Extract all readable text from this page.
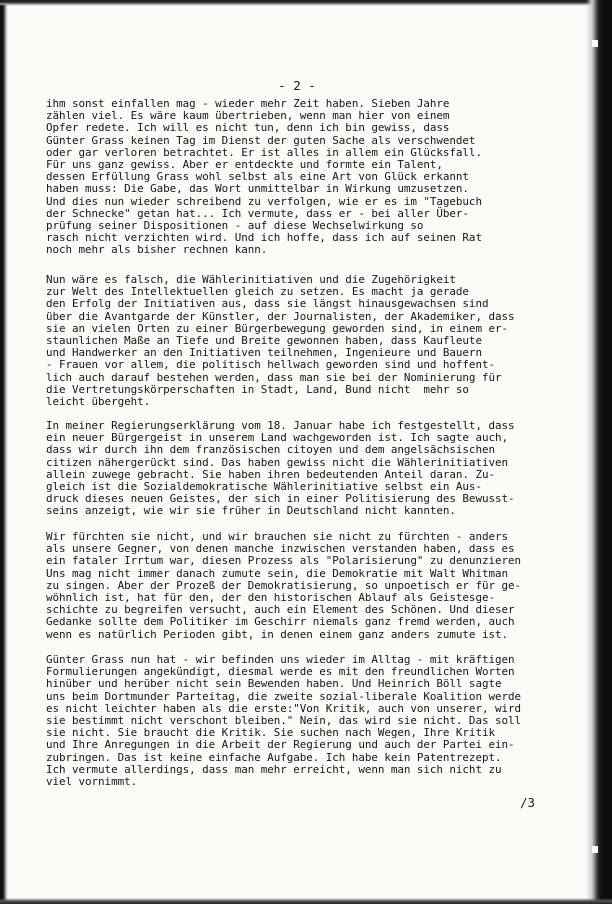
- 2 -

ihm sonst einfallen mag - wieder mehr Zeit haben. Sieben Jahre
zählen viel. Es wäre kaum übertrieben, wenn man hier von einem
Opfer redete. Ich will es nicht tun, denn ich bin gewiss, dass
Günter Grass keinen Tag im Dienst der guten Sache als verschwendet
oder gar verloren betrachtet. Er ist alles in allem ein Glücksfall.
Für uns ganz gewiss. Aber er entdeckte und formte ein Talent,
dessen Erfüllung Grass wohl selbst als eine Art von Glück erkannt
haben muss: Die Gabe, das Wort unmittelbar in Wirkung umzusetzen.
Und dies nun wieder schreibend zu verfolgen, wie er es im "Tagebuch
der Schnecke" getan hat... Ich vermute, dass er - bei aller Über-
prüfung seiner Dispositionen - auf diese Wechselwirkung so
rasch nicht verzichten wird. Und ich hoffe, dass ich auf seinen Rat
noch mehr als bisher rechnen kann.

Nun wäre es falsch, die Wählerinitiativen und die Zugehörigkeit
zur Welt des Intellektuellen gleich zu setzen. Es macht ja gerade
den Erfolg der Initiativen aus, dass sie längst hinausgewachsen sind
über die Avantgarde der Künstler, der Journalisten, der Akademiker, dass
sie an vielen Orten zu einer Bürgerbewegung geworden sind, in einem er-
staunlichen Maße an Tiefe und Breite gewonnen haben, dass Kaufleute
und Handwerker an den Initiativen teilnehmen, Ingenieure und Bauern
- Frauen vor allem, die politisch hellwach geworden sind und hoffent-
lich auch darauf bestehen werden, dass man sie bei der Nominierung für
die Vertretungskörperschaften in Stadt, Land, Bund nicht  mehr so
leicht übergeht.

In meiner Regierungserklärung vom 18. Januar habe ich festgestellt, dass
ein neuer Bürgergeist in unserem Land wachgeworden ist. Ich sagte auch,
dass wir durch ihn dem französischen citoyen und dem angelsächsischen
citizen nähergerückt sind. Das haben gewiss nicht die Wählerinitiativen
allein zuwege gebracht. Sie haben ihren bedeutenden Anteil daran. Zu-
gleich ist die Sozialdemokratische Wählerinitiative selbst ein Aus-
druck dieses neuen Geistes, der sich in einer Politisierung des Bewusst-
seins anzeigt, wie wir sie früher in Deutschland nicht kannten.

Wir fürchten sie nicht, und wir brauchen sie nicht zu fürchten - anders
als unsere Gegner, von denen manche inzwischen verstanden haben, dass es
ein fataler Irrtum war, diesen Prozess als "Polarisierung" zu denunzieren
Uns mag nicht immer danach zumute sein, die Demokratie mit Walt Whitman
zu singen. Aber der Prozeß der Demokratisierung, so unpoetisch er für ge-
wöhnlich ist, hat für den, der den historischen Ablauf als Geistesge-
schichte zu begreifen versucht, auch ein Element des Schönen. Und dieser
Gedanke sollte dem Politiker im Geschirr niemals ganz fremd werden, auch
wenn es natürlich Perioden gibt, in denen einem ganz anders zumute ist.

Günter Grass nun hat - wir befinden uns wieder im Alltag - mit kräftigen
Formulierungen angekündigt, diesmal werde es mit den freundlichen Worten
hinüber und herüber nicht sein Bewenden haben. Und Heinrich Böll sagte
uns beim Dortmunder Parteitag, die zweite sozial-liberale Koalition werde
es nicht leichter haben als die erste:"Von Kritik, auch von unserer, wird
sie bestimmt nicht verschont bleiben." Nein, das wird sie nicht. Das soll
sie nicht. Sie braucht die Kritik. Sie suchen nach Wegen, Ihre Kritik
und Ihre Anregungen in die Arbeit der Regierung und auch der Partei ein-
zubringen. Das ist keine einfache Aufgabe. Ich habe kein Patentrezept.
Ich vermute allerdings, dass man mehr erreicht, wenn man sich nicht zu
viel vornimmt.

/3
